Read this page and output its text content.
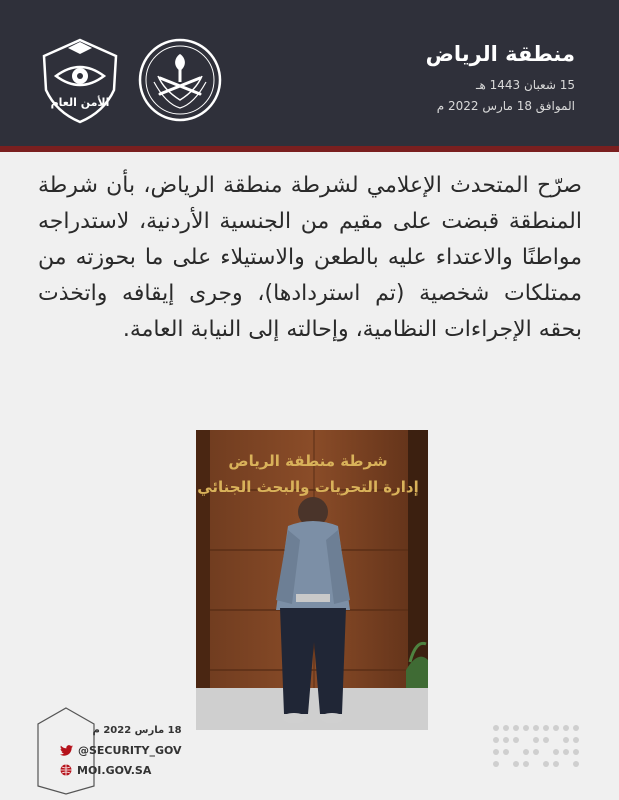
منطقة الرياض
15 شعبان 1443 هـ
الموافق 18 مارس 2022 م
الأمن العام
صرّح المتحدث الإعلامي لشرطة منطقة الرياض، بأن شرطة المنطقة قبضت على مقيم من الجنسية الأردنية، لاستدراجه مواطنًا والاعتداء عليه بالطعن والاستيلاء على ما بحوزته من ممتلكات شخصية (تم استردادها)، وجرى إيقافه واتخذت بحقه الإجراءات النظامية، وإحالته إلى النيابة العامة.
شرطة منطقة الرياض
إدارة التحريات والبحث الجنائي
18 مارس 2022 م
@SECURITY_GOV
MOI.GOV.SA
